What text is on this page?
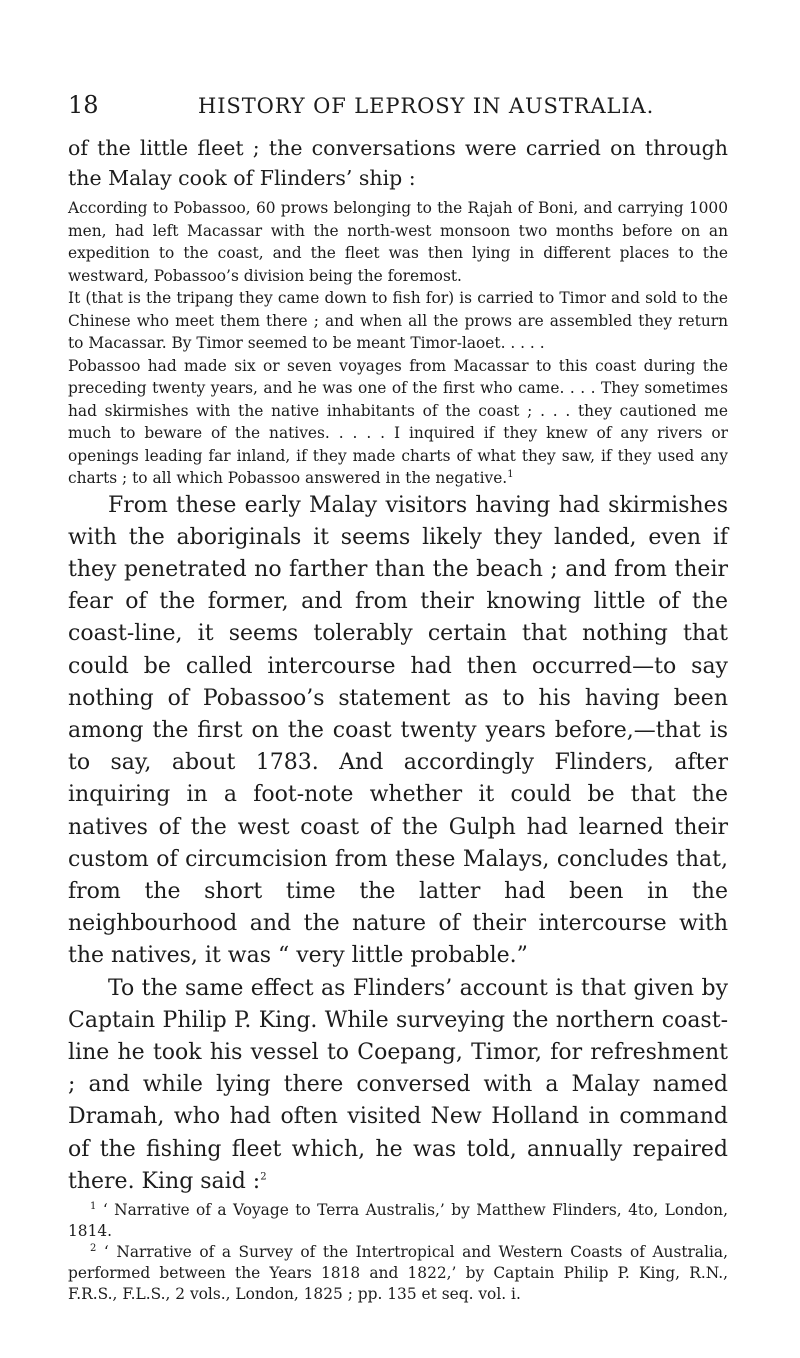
18	HISTORY OF LEPROSY IN AUSTRALIA.

of the little fleet ; the conversations were carried on through the Malay cook of Flinders’ ship :

According to Pobassoo, 60 prows belonging to the Rajah of Boni, and carrying 1000 men, had left Macassar with the north-west monsoon two months before on an expedition to the coast, and the fleet was then lying in different places to the westward, Pobassoo’s division being the foremost.

It (that is the tripang they came down to fish for) is carried to Timor and sold to the Chinese who meet them there ; and when all the prows are assembled they return to Macassar. By Timor seemed to be meant Timor-laoet. . . . .

Pobassoo had made six or seven voyages from Macassar to this coast during the preceding twenty years, and he was one of the first who came. . . . They sometimes had skirmishes with the native inhabitants of the coast ; . . . they cautioned me much to beware of the natives. . . . . I inquired if they knew of any rivers or openings leading far inland, if they made charts of what they saw, if they used any charts ; to all which Pobassoo answered in the negative.$^1$

From these early Malay visitors having had skirmishes with the aboriginals it seems likely they landed, even if they penetrated no farther than the beach ; and from their fear of the former, and from their knowing little of the coast-line, it seems tolerably certain that nothing that could be called intercourse had then occurred—to say nothing of Pobassoo’s statement as to his having been among the first on the coast twenty years before,—that is to say, about 1783. And accordingly Flinders, after inquiring in a foot-note whether it could be that the natives of the west coast of the Gulph had learned their custom of circumcision from these Malays, concludes that, from the short time the latter had been in the neighbourhood and the nature of their intercourse with the natives, it was “ very little probable.”

To the same effect as Flinders’ account is that given by Captain Philip P. King. While surveying the northern coast-line he took his vessel to Coepang, Timor, for refreshment ; and while lying there conversed with a Malay named Dramah, who had often visited New Holland in command of the fishing fleet which, he was told, annually repaired there. King said :$^2$

$^1$ ‘ Narrative of a Voyage to Terra Australis,’ by Matthew Flinders, 4to, London, 1814.

$^2$ ‘ Narrative of a Survey of the Intertropical and Western Coasts of Australia, performed between the Years 1818 and 1822,’ by Captain Philip P. King, R.N., F.R.S., F.L.S., 2 vols., London, 1825 ; pp. 135 et seq. vol. i.
